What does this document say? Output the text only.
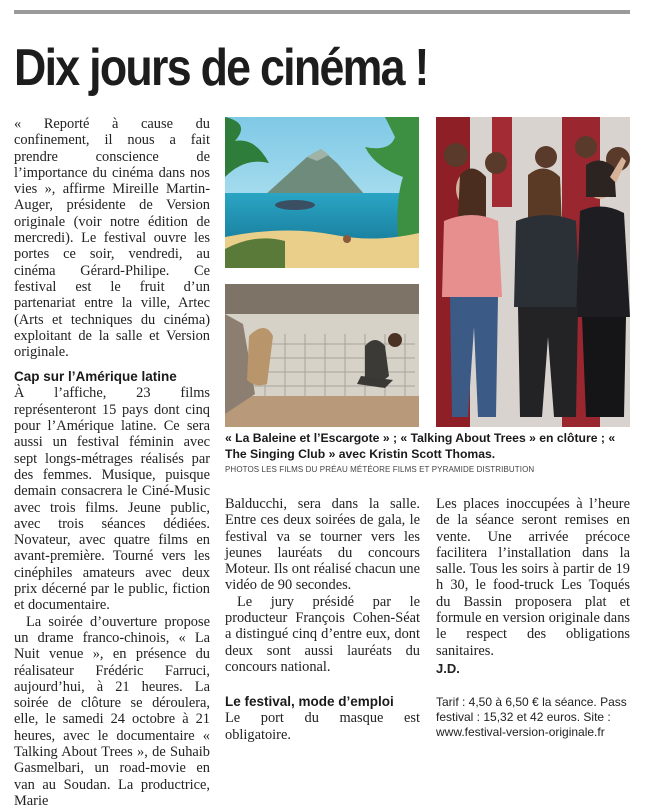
Dix jours de cinéma !

« Reporté à cause du confinement, il nous a fait prendre conscience de l’importance du cinéma dans nos vies », affirme Mireille Martin-Auger, présidente de Version originale (voir notre édition de mercredi). Le festival ouvre les portes ce soir, vendredi, au cinéma Gérard-Philipe. Ce festival est le fruit d’un partenariat entre la ville, Artec (Arts et techniques du cinéma) exploitant de la salle et Version originale.

Cap sur l’Amérique latine

À l’affiche, 23 films représenteront 15 pays dont cinq pour l’Amérique latine. Ce sera aussi un festival féminin avec sept longs-métrages réalisés par des femmes. Musique, puisque demain consacrera le Ciné-Music avec trois films. Jeune public, avec trois séances dédiées. Novateur, avec quatre films en avant-première. Tourné vers les cinéphiles amateurs avec deux prix décerné par le public, fiction et documentaire.

La soirée d’ouverture propose un drame franco-chinois, « La Nuit venue », en présence du réalisateur Frédéric Farruci, aujourd’hui, à 21 heures. La soirée de clôture se déroulera, elle, le samedi 24 octobre à 21 heures, avec le documentaire « Talking About Trees », de Suhaib Gasmelbari, un road-movie en van au Soudan. La productrice, Marie

« La Baleine et l’Escargote » ; « Talking About Trees » en clôture ; « The Singing Club » avec Kristin Scott Thomas.
PHOTOS LES FILMS DU PRÉAU MÉTÉORE FILMS ET PYRAMIDE DISTRIBUTION

Balducchi, sera dans la salle. Entre ces deux soirées de gala, le festival va se tourner vers les jeunes lauréats du concours Moteur. Ils ont réalisé chacun une vidéo de 90 secondes.

Le jury présidé par le producteur François Cohen-Séat a distingué cinq d’entre eux, dont deux sont aussi lauréats du concours national.

Le festival, mode d’emploi

Le port du masque est obligatoire.

Les places inoccupées à l’heure de la séance seront remises en vente. Une arrivée précoce facilitera l’installation dans la salle. Tous les soirs à partir de 19 h 30, le food-truck Les Toqués du Bassin proposera plat et formule en version originale dans le respect des obligations sanitaires.

J.D.
Tarif : 4,50 à 6,50 € la séance. Pass festival : 15,32 et 42 euros. Site : www.festival-version-originale.fr
